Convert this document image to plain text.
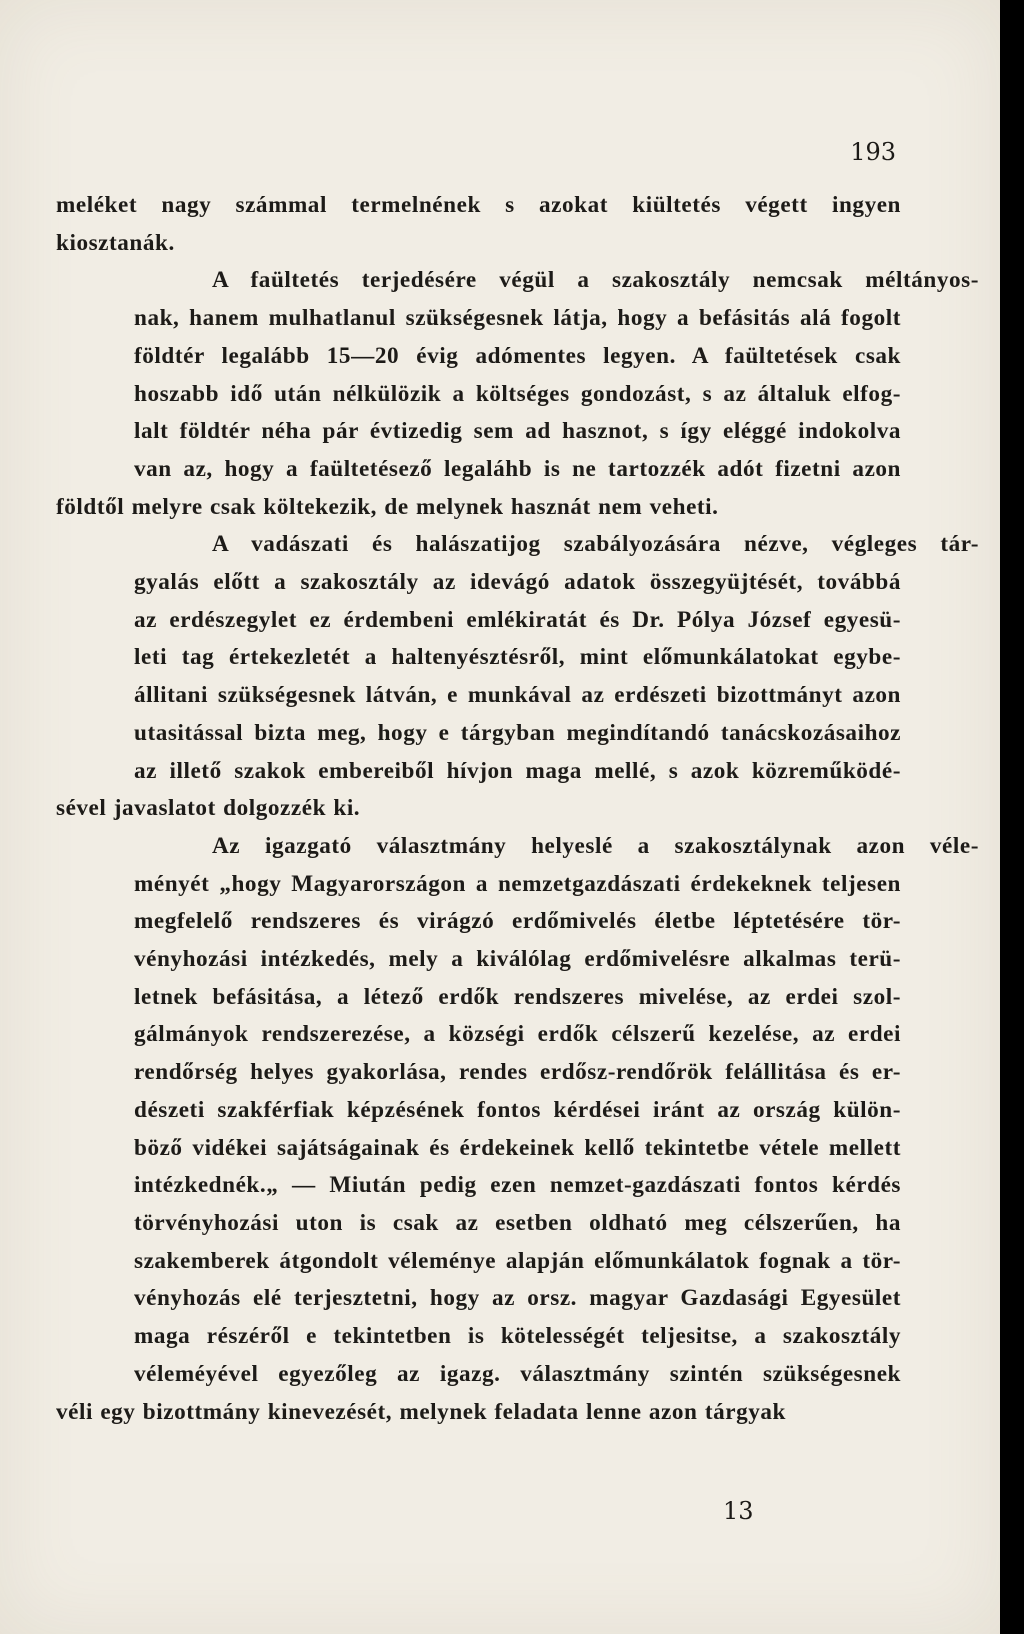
193

meléket nagy számmal termelnének s azokat kiültetés végett ingyen
kiosztanák.

A faültetés terjedésére végül a szakosztály nemcsak méltányos-
nak, hanem mulhatlanul szükségesnek látja, hogy a befásitás alá fogolt
földtér legalább 15—20 évig adómentes legyen. A faültetések csak
hoszabb idő után nélkülözik a költséges gondozást, s az általuk elfog-
lalt földtér néha pár évtizedig sem ad hasznot, s így eléggé indokolva
van az, hogy a faültetésező legaláhb is ne tartozzék adót fizetni azon
földtől melyre csak költekezik, de melynek hasznát nem veheti.

A vadászati és halászatijog szabályozására nézve, végleges tár-
gyalás előtt a szakosztály az idevágó adatok összegyüjtését, továbbá
az erdészegylet ez érdembeni emlékiratát és Dr. Pólya József egyesü-
leti tag értekezletét a haltenyésztésről, mint előmunkálatokat egybe-
állitani szükségesnek látván, e munkával az erdészeti bizottmányt azon
utasitással bizta meg, hogy e tárgyban megindítandó tanácskozásaihoz
az illető szakok embereiből hívjon maga mellé, s azok közreműködé-
sével javaslatot dolgozzék ki.

Az igazgató választmány helyeslé a szakosztálynak azon véle-
ményét „hogy Magyarországon a nemzetgazdászati érdekeknek teljesen
megfelelő rendszeres és virágzó erdőmivelés életbe léptetésére tör-
vényhozási intézkedés, mely a kiválólag erdőmivelésre alkalmas terü-
letnek befásitása, a létező erdők rendszeres mivelése, az erdei szol-
gálmányok rendszerezése, a községi erdők célszerű kezelése, az erdei
rendőrség helyes gyakorlása, rendes erdősz-rendőrök felállitása és er-
dészeti szakférfiak képzésének fontos kérdései iránt az ország külön-
böző vidékei sajátságainak és érdekeinek kellő tekintetbe vétele mellett
intézkednék.„ — Miután pedig ezen nemzet-gazdászati fontos kérdés
törvényhozási uton is csak az esetben oldható meg célszerűen, ha
szakemberek átgondolt véleménye alapján előmunkálatok fognak a tör-
vényhozás elé terjesztetni, hogy az orsz. magyar Gazdasági Egyesület
maga részéről e tekintetben is kötelességét teljesitse, a szakosztály
véleméyével egyezőleg az igazg. választmány szintén szükségesnek
véli egy bizottmány kinevezését, melynek feladata lenne azon tárgyak

13
